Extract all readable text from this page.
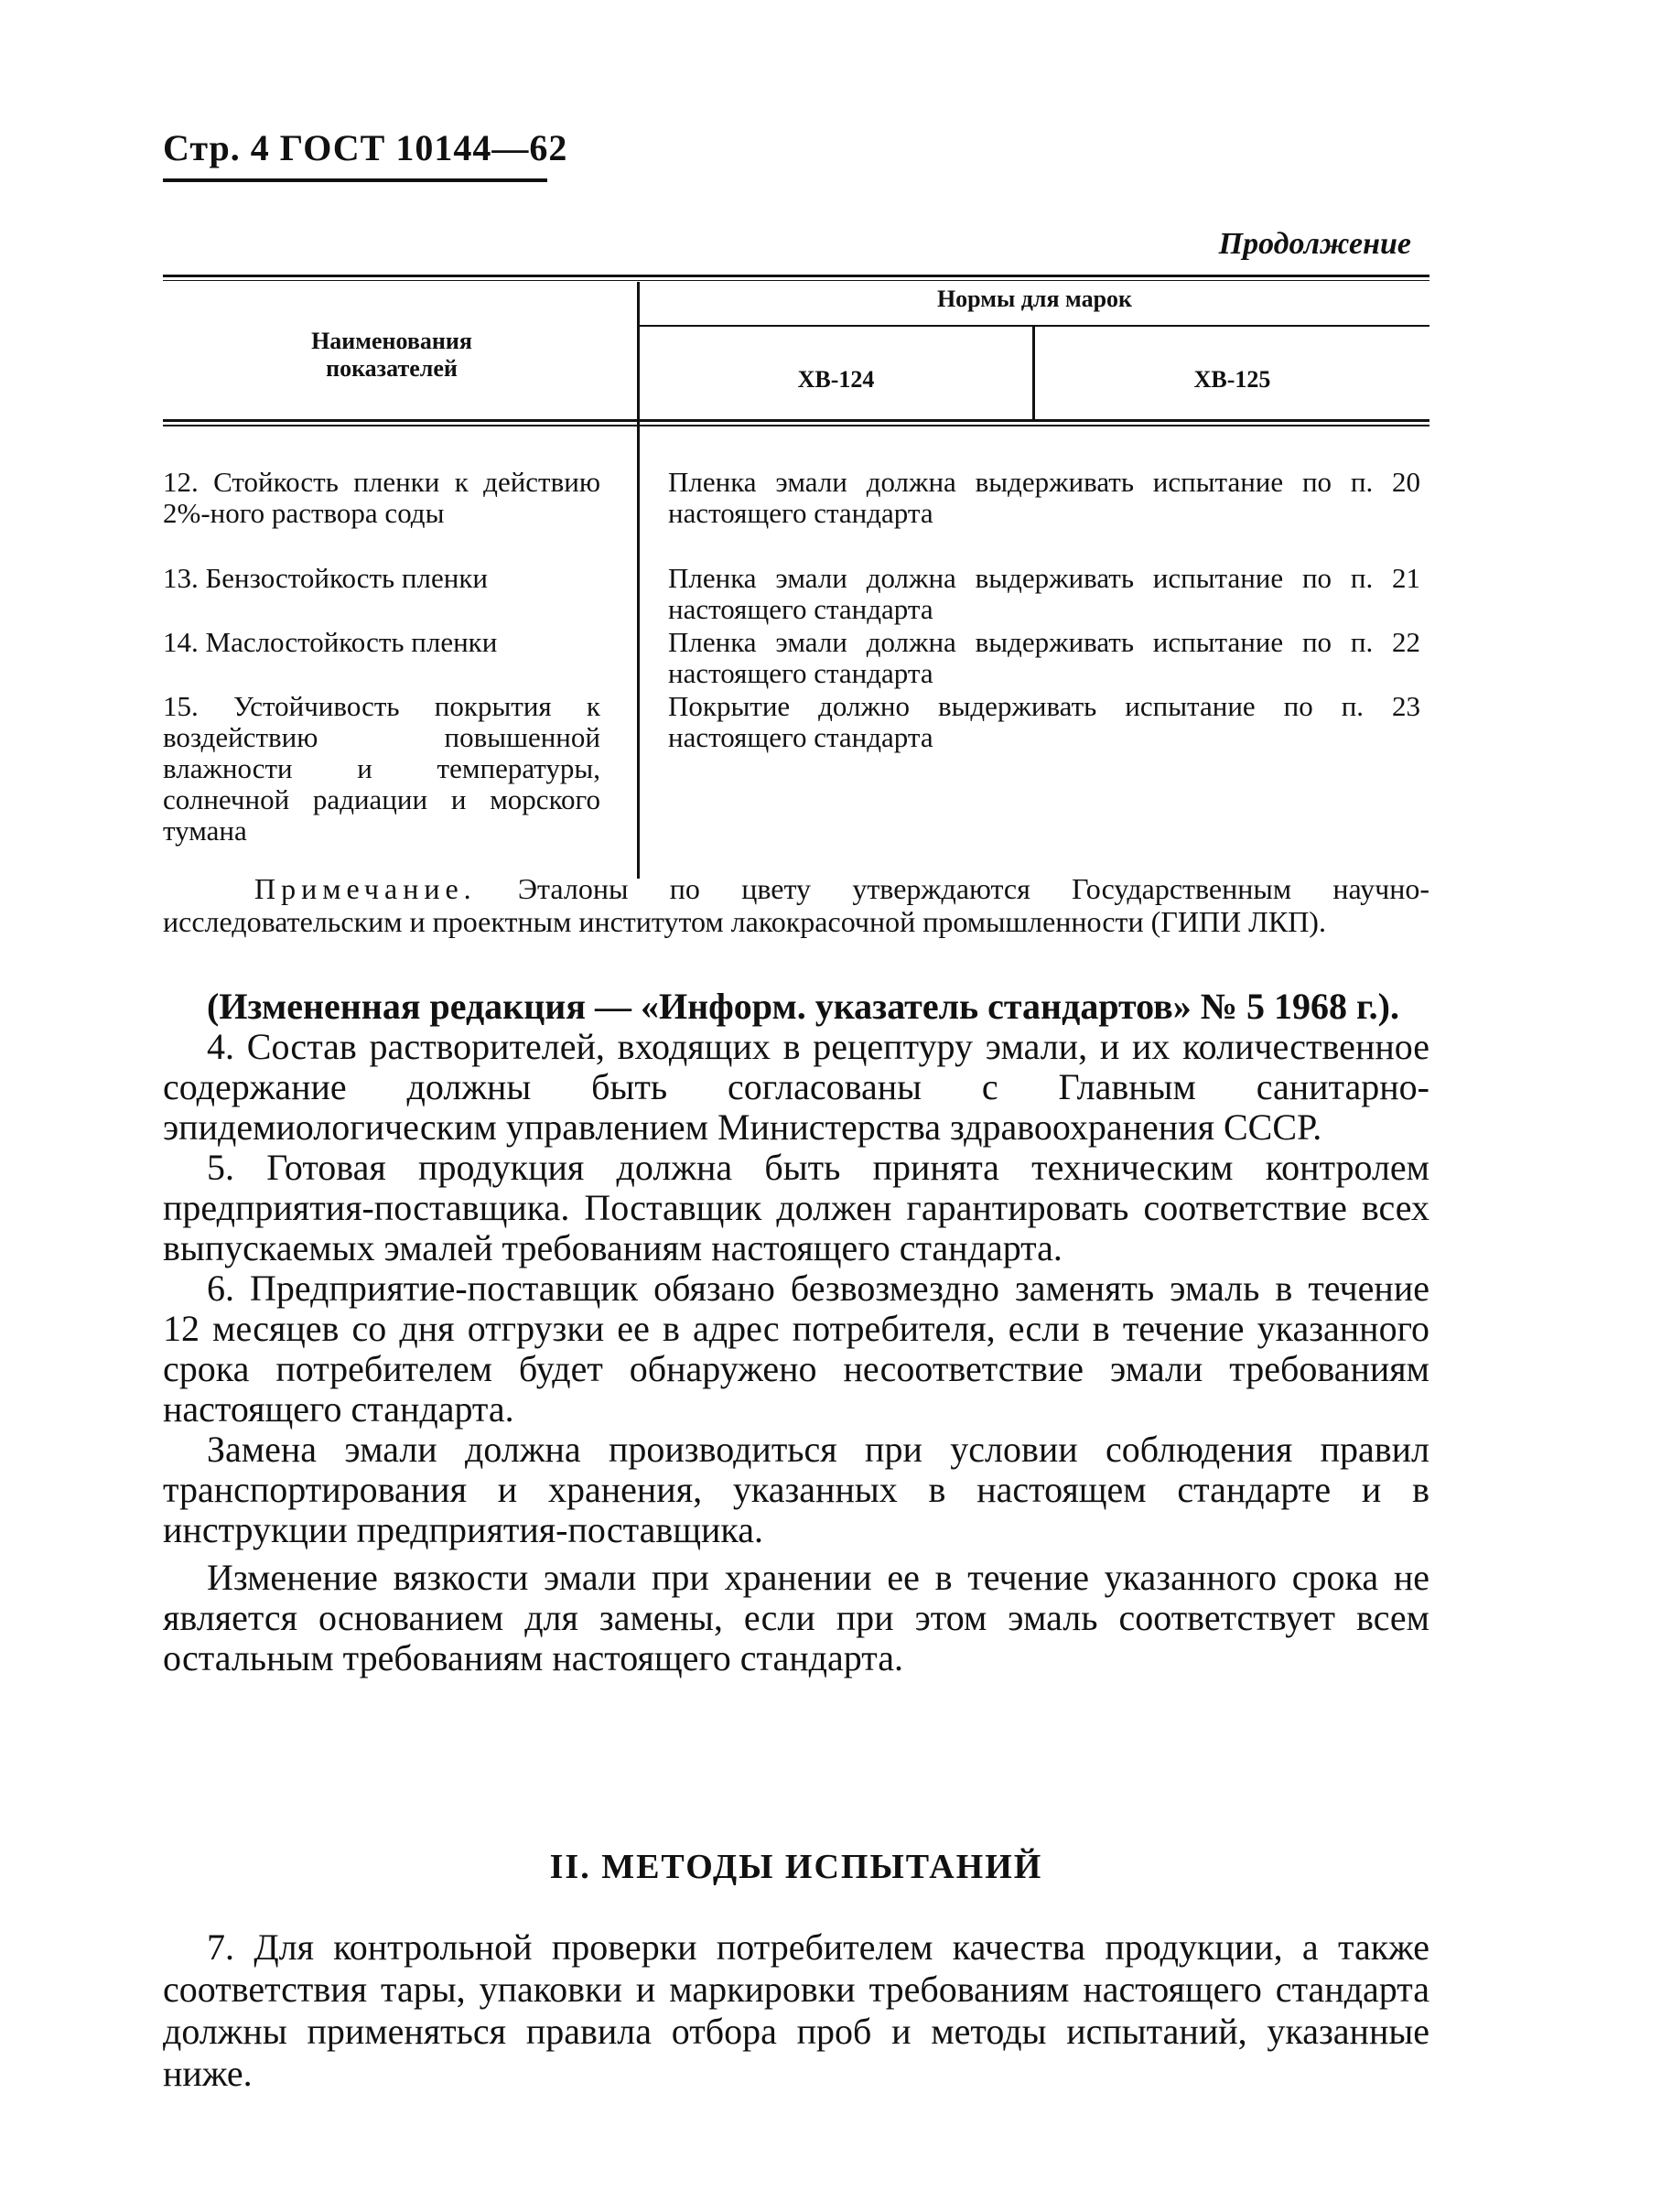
Стр. 4 ГОСТ 10144—62
Продолжение
Наименования показателей
Нормы для марок
ХВ-124	ХВ-125
12. Стойкость пленки к действию 2%-ного раствора соды
13. Бензостойкость пленки
14. Маслостойкость пленки
15. Устойчивость покрытия к воздействию повышенной влажности и температуры, солнечной радиации и морского тумана
Пленка эмали должна выдерживать испытание по п. 20 настоящего стандарта
Пленка эмали должна выдерживать испытание по п. 21 настоящего стандарта
Пленка эмали должна выдерживать испытание по п. 22 настоящего стандарта
Покрытие должно выдерживать испытание по п. 23 настоящего стандарта
Примечание. Эталоны по цвету утверждаются Государственным научно-исследовательским и проектным институтом лакокрасочной промышленности (ГИПИ ЛКП).

(Измененная редакция — «Информ. указатель стандартов» № 5 1968 г.).

4. Состав растворителей, входящих в рецептуру эмали, и их количественное содержание должны быть согласованы с Главным санитарно-эпидемиологическим управлением Министерства здравоохранения СССР.

5. Готовая продукция должна быть принята техническим контролем предприятия-поставщика. Поставщик должен гарантировать соответствие всех выпускаемых эмалей требованиям настоящего стандарта.

6. Предприятие-поставщик обязано безвозмездно заменять эмаль в течение 12 месяцев со дня отгрузки ее в адрес потребителя, если в течение указанного срока потребителем будет обнаружено несоответствие эмали требованиям настоящего стандарта.

Замена эмали должна производиться при условии соблюдения правил транспортирования и хранения, указанных в настоящем стандарте и в инструкции предприятия-поставщика.

Изменение вязкости эмали при хранении ее в течение указанного срока не является основанием для замены, если при этом эмаль соответствует всем остальным требованиям настоящего стандарта.

II. МЕТОДЫ ИСПЫТАНИЙ

7. Для контрольной проверки потребителем качества продукции, а также соответствия тары, упаковки и маркировки требованиям настоящего стандарта должны применяться правила отбора проб и методы испытаний, указанные ниже.
